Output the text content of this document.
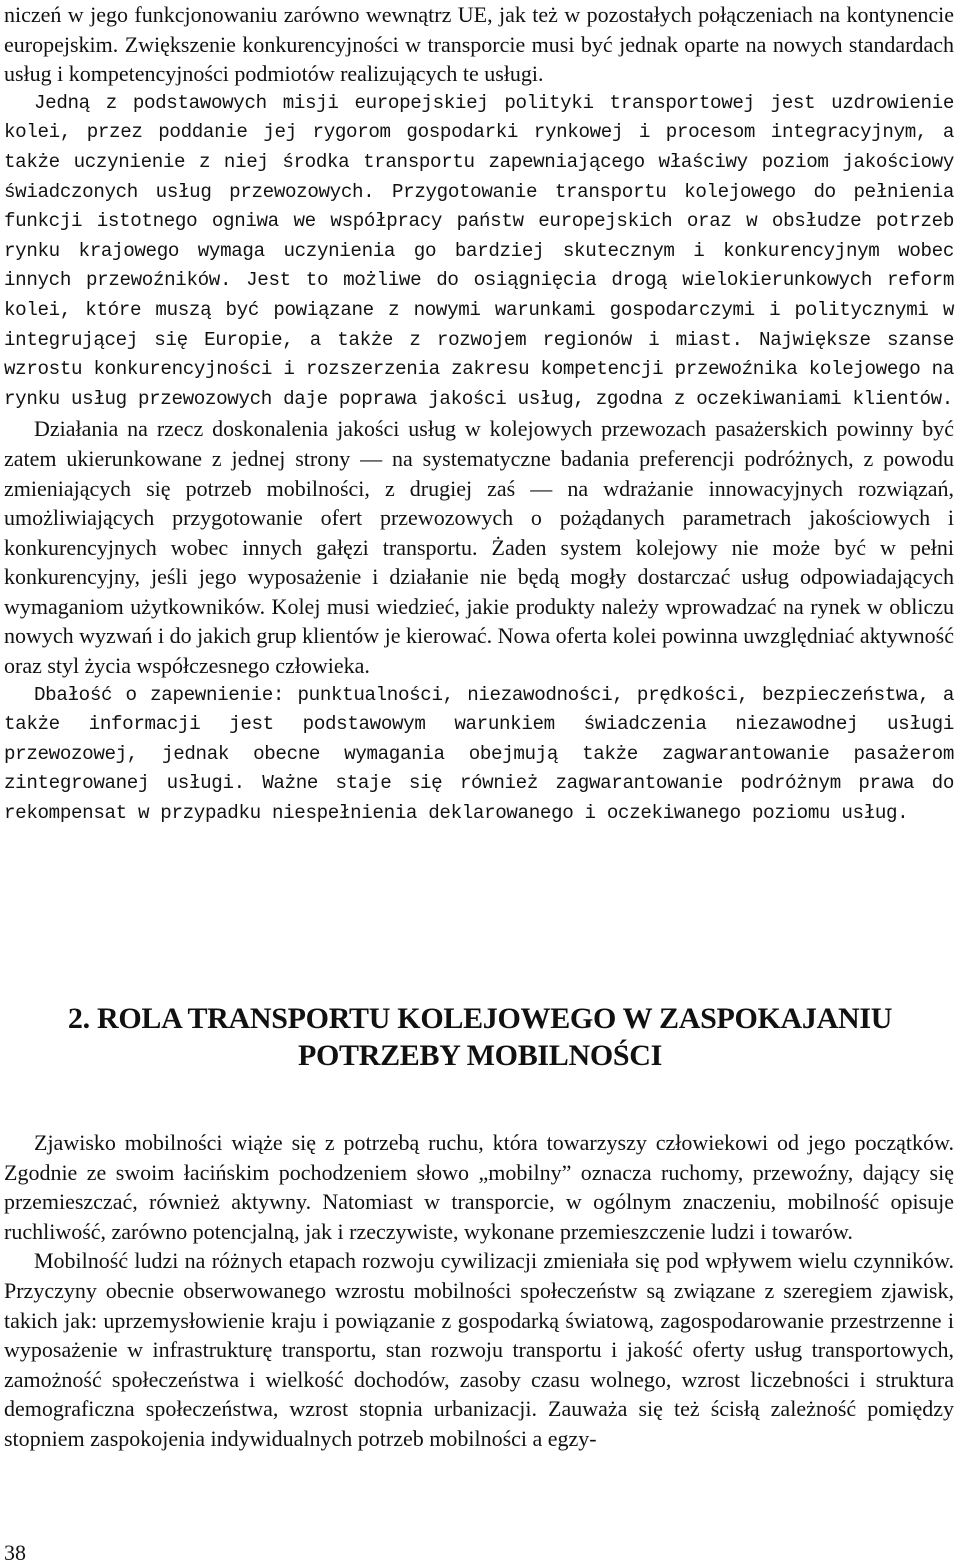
niczeń w jego funkcjonowaniu zarówno wewnątrz UE, jak też w pozostałych połączeniach na kontynencie europejskim. Zwiększenie konkurencyjności w transporcie musi być jednak oparte na nowych standardach usług i kompetencyjności podmiotów realizujących te usługi.

Jedną z podstawowych misji europejskiej polityki transportowej jest uzdrowienie kolei, przez poddanie jej rygorom gospodarki rynkowej i procesom integracyjnym, a także uczynienie z niej środka transportu zapewniającego właściwy poziom jakościowy świadczonych usług przewozowych. Przygotowanie transportu kolejowego do pełnienia funkcji istotnego ogniwa we współpracy państw europejskich oraz w obsłudze potrzeb rynku krajowego wymaga uczynienia go bardziej skutecznym i konkurencyjnym wobec innych przewoźników. Jest to możliwe do osiągnięcia drogą wielokierunkowych reform kolei, które muszą być powiązane z nowymi warunkami gospodarczymi i politycznymi w integrującej się Europie, a także z rozwojem regionów i miast. Największe szanse wzrostu konkurencyjności i rozszerzenia zakresu kompetencji przewoźnika kolejowego na rynku usług przewozowych daje poprawa jakości usług, zgodna z oczekiwaniami klientów.

Działania na rzecz doskonalenia jakości usług w kolejowych przewozach pasażerskich powinny być zatem ukierunkowane z jednej strony — na systematyczne badania preferencji podróżnych, z powodu zmieniających się potrzeb mobilności, z drugiej zaś — na wdrażanie innowacyjnych rozwiązań, umożliwiających przygotowanie ofert przewozowych o pożądanych parametrach jakościowych i konkurencyjnych wobec innych gałęzi transportu. Żaden system kolejowy nie może być w pełni konkurencyjny, jeśli jego wyposażenie i działanie nie będą mogły dostarczać usług odpowiadających wymaganiom użytkowników. Kolej musi wiedzieć, jakie produkty należy wprowadzać na rynek w obliczu nowych wyzwań i do jakich grup klientów je kierować. Nowa oferta kolei powinna uwzględniać aktywność oraz styl życia współczesnego człowieka.

Dbałość o zapewnienie: punktualności, niezawodności, prędkości, bezpieczeństwa, a także informacji jest podstawowym warunkiem świadczenia niezawodnej usługi przewozowej, jednak obecne wymagania obejmują także zagwarantowanie pasażerom zintegrowanej usługi. Ważne staje się również zagwarantowanie podróżnym prawa do rekompensat w przypadku niespełnienia deklarowanego i oczekiwanego poziomu usług.

2. ROLA TRANSPORTU KOLEJOWEGO W ZASPOKAJANIU
POTRZEBY MOBILNOŚCI

Zjawisko mobilności wiąże się z potrzebą ruchu, która towarzyszy człowiekowi od jego początków. Zgodnie ze swoim łacińskim pochodzeniem słowo „mobilny” oznacza ruchomy, przewoźny, dający się przemieszczać, również aktywny. Natomiast w transporcie, w ogólnym znaczeniu, mobilność opisuje ruchliwość, zarówno potencjalną, jak i rzeczywiste, wykonane przemieszczenie ludzi i towarów.

Mobilność ludzi na różnych etapach rozwoju cywilizacji zmieniała się pod wpływem wielu czynników. Przyczyny obecnie obserwowanego wzrostu mobilności społeczeństw są związane z szeregiem zjawisk, takich jak: uprzemysłowienie kraju i powiązanie z gospodarką światową, zagospodarowanie przestrzenne i wyposażenie w infrastrukturę transportu, stan rozwoju transportu i jakość oferty usług transportowych, zamożność społeczeństwa i wielkość dochodów, zasoby czasu wolnego, wzrost liczebności i struktura demograficzna społeczeństwa, wzrost stopnia urbanizacji. Zauważa się też ścisłą zależność pomiędzy stopniem zaspokojenia indywidualnych potrzeb mobilności a egzy-

38
